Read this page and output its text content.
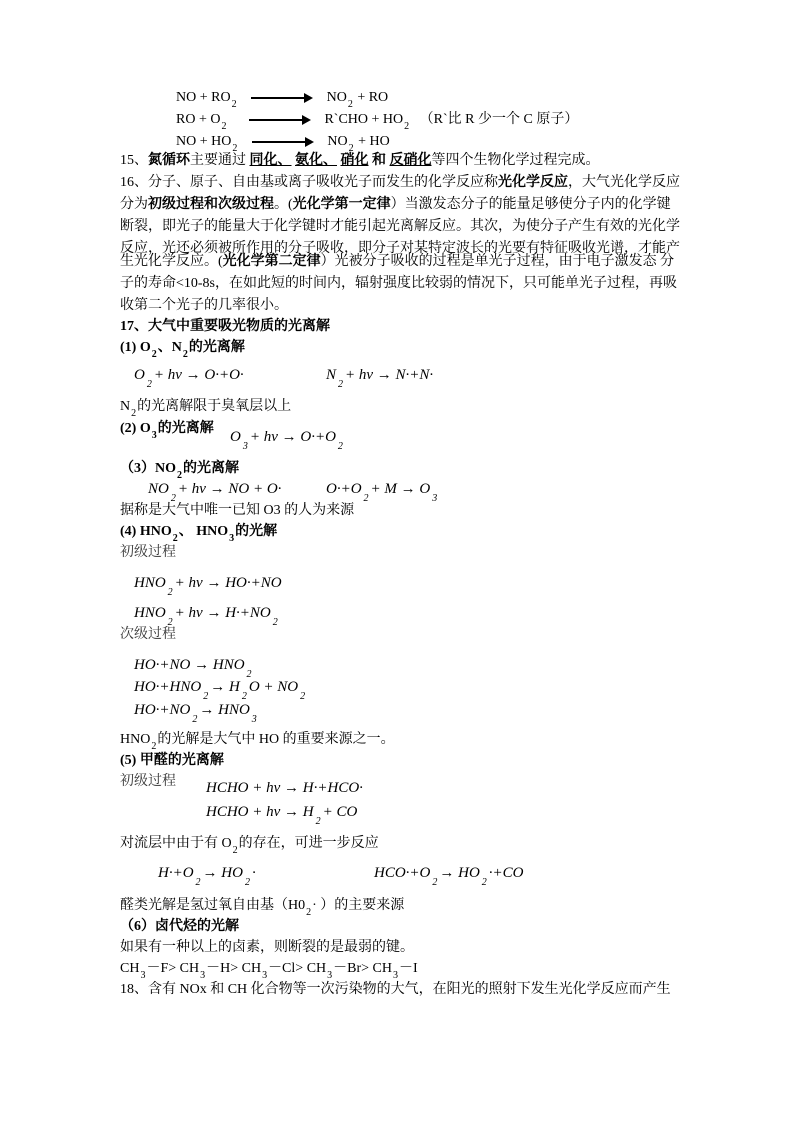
NO + $RO_2$	$NO_2$ + RO
RO + $O_2$	R`CHO + $HO_2$ （R`比 R 少一个 C 原子）
NO + $HO_2$	$NO_2$ + HO
15、氮循环主要通过 同化、 氨化、 硝化 和 反硝化等四个生物化学过程完成。
16、分子、原子、自由基或离子吸收光子而发生的化学反应称光化学反应，大气光化学反应
分为初级过程和次级过程。(光化学第一定律）当激发态分子的能量足够使分子内的化学键
断裂，即光子的能量大于化学键时才能引起光离解反应。其次，为使分子产生有效的光化学
反应，光还必须被所作用的分子吸收，即分子对某特定波长的光要有特征吸收光谱，才能产
生光化学反应。(光化学第二定律）光被分子吸收的过程是单光子过程，由于电子激发态 分
子的寿命<10-8s，在如此短的时间内，辐射强度比较弱的情况下，只可能单光子过程，再吸
收第二个光子的几率很小。
17、大气中重要吸光物质的光离解
(1) $O_2$、$N_2$的光离解
$O_2+ h\nu \to O\cdot+O\cdot$	$N_2+ h\nu \to N\cdot+N\cdot$
$N_2$的光离解限于臭氧层以上
(2) $O_3$的光离解
$O_3+ h\nu \to O\cdot+O_2$
$(3)NO_2$的光离解
$NO_2+ h\nu$ → NO + O·	$O\cdot+O_2+ M \to O_3$
据称是大气中唯一已知 O3 的人为来源
(4) $HNO_2$、 $HNO_3$的光解
初级过程
$HNO_2+ h\nu \to HO\cdot+NO$
$HNO_2+ h\nu \to H\cdot+NO_2$
次级过程
$HO\cdot+NO \to HNO_2$
$HO\cdot+HNO_2\to H_2O + NO_2$
$HO\cdot+NO_2\to HNO_3$
$HNO_2$的光解是大气中 HO 的重要来源之一。
(5) 甲醛的光离解
初级过程 HCHO + hν → H·+HCO·
HCHO + $h\nu \to H_2+$ CO
对流层中由于有 $O_2$的存在，可进一步反应
$H\cdot+O_2\to HO_2\cdot$	$HCO\cdot+O_2\to HO_2\cdot+CO$
醛类光解是氢过氧自由基（$H0_2\cdot$ ）的主要来源
（6）卤代烃的光解
如果有一种以上的卤素，则断裂的是最弱的键。
$CH_3-F> CH_3-H> CH_3-Cl> CH_3-Br> CH_3-I$
18、含有 NOx 和 CH 化合物等一次污染物的大气，在阳光的照射下发生光化学反应而产生
